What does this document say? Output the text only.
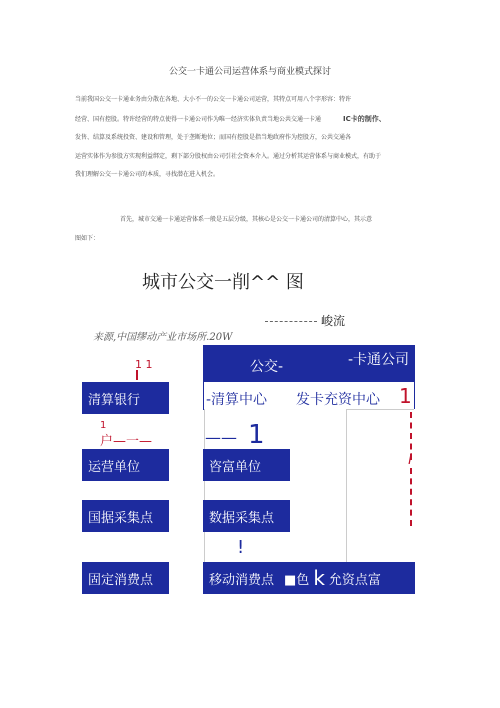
公交一卡通公司运营体系与商业模式探讨
当前我国公交一卡通业务由分散在各地、大小不一的公交一卡通公司运营，其特点可用八个字形容：特许
经营、国有控股。特许经营的特点使得一卡通公司作为唯一经济实体负责当地公共交通一卡通	IC卡的制作、
发售、结算及系统投资、建设和管理，处于垄断地位；而国有控股是指当地政府作为控股方，公共交通各
运营实体作为参股方实现利益绑定，剩下部分股权由公司引社会资本介入。通过分析其运营体系与商业模式，有助于
我们理解公交一卡通公司的本质，寻找潜在进入机会。
首先，城市交通一卡通运营体系一般是五层分级，其核心是公交一卡通公司的清算中心，其示意
图如下：
城市公交一削^^ 图
峻流
来源,中国缪动产业市场所.20W
公交-	-卡通公司
-清算中心 发卡充资中心
清算银行
运营单位	咨富单位
国据采集点	数据采集点
固定消费点	移动消费点 ■色 k 允资点富
1 1
1
户—一—	—— 1
1
i
!
